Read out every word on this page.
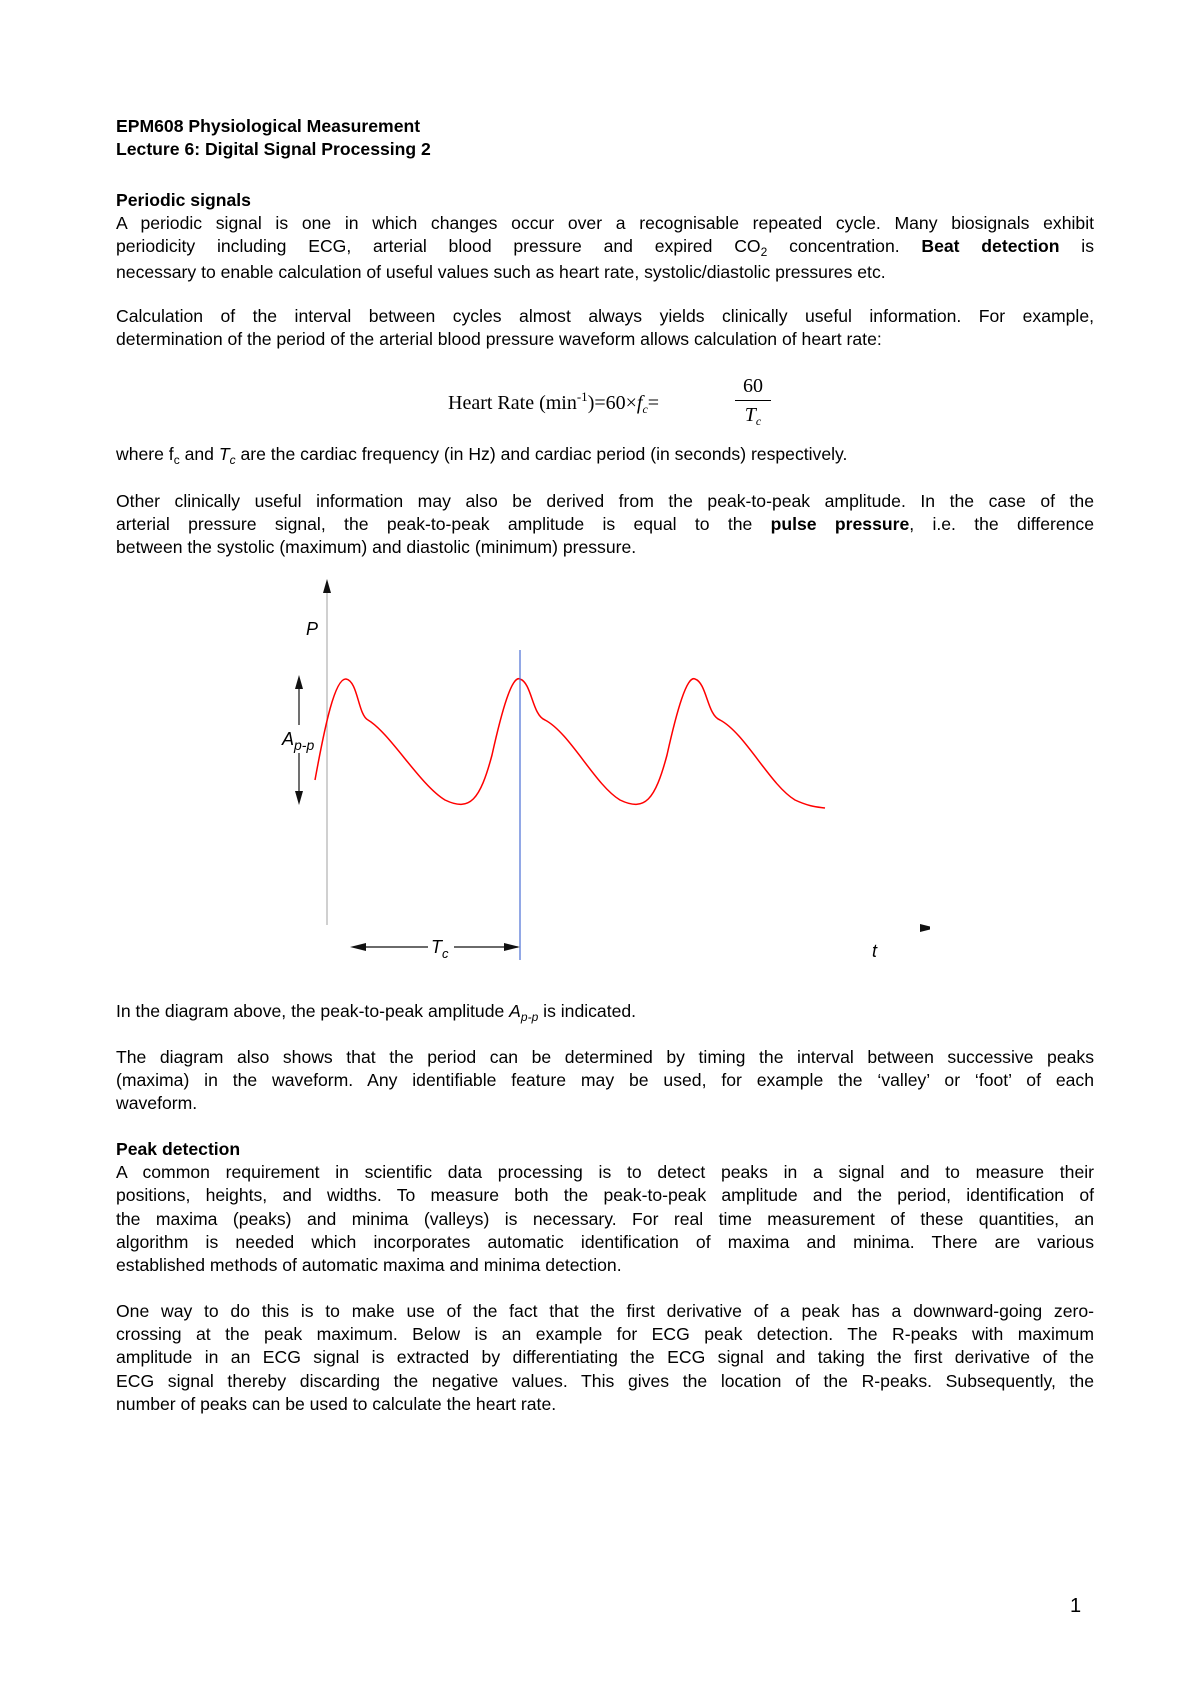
EPM608 Physiological Measurement
Lecture 6: Digital Signal Processing 2
Periodic signals
A periodic signal is one in which changes occur over a recognisable repeated cycle. Many biosignals exhibit
periodicity including ECG, arterial blood pressure and expired $CO_2$ concentration. Beat detection is
necessary to enable calculation of useful values such as heart rate, systolic/diastolic pressures etc.
Calculation of the interval between cycles almost always yields clinically useful information. For example,
determination of the period of the arterial blood pressure waveform allows calculation of heart rate:
Heart Rate $(\min^{-1})=60\times f_c=$
60
$T_c$
where $f_c$ and $T_c$ are the cardiac frequency (in Hz) and cardiac period (in seconds) respectively.
Other clinically useful information may also be derived from the peak-to-peak amplitude. In the case of the
arterial pressure signal, the peak-to-peak amplitude is equal to the pulse pressure, i.e. the difference
between the systolic (maximum) and diastolic (minimum) pressure.
P
t
$A_{p-p}$
$T_c$
In the diagram above, the peak-to-peak amplitude $A_{p-p}$ is indicated.
The diagram also shows that the period can be determined by timing the interval between successive peaks
(maxima) in the waveform. Any identifiable feature may be used, for example the ‘valley’ or ‘foot’ of each
waveform.
Peak detection
A common requirement in scientific data processing is to detect peaks in a signal and to measure their
positions, heights, and widths. To measure both the peak-to-peak amplitude and the period, identification of
the maxima (peaks) and minima (valleys) is necessary. For real time measurement of these quantities, an
algorithm is needed which incorporates automatic identification of maxima and minima. There are various
established methods of automatic maxima and minima detection.
One way to do this is to make use of the fact that the first derivative of a peak has a downward-going zero-
crossing at the peak maximum. Below is an example for ECG peak detection. The R-peaks with maximum
amplitude in an ECG signal is extracted by differentiating the ECG signal and taking the first derivative of the
ECG signal thereby discarding the negative values. This gives the location of the R-peaks. Subsequently, the
number of peaks can be used to calculate the heart rate.
1
